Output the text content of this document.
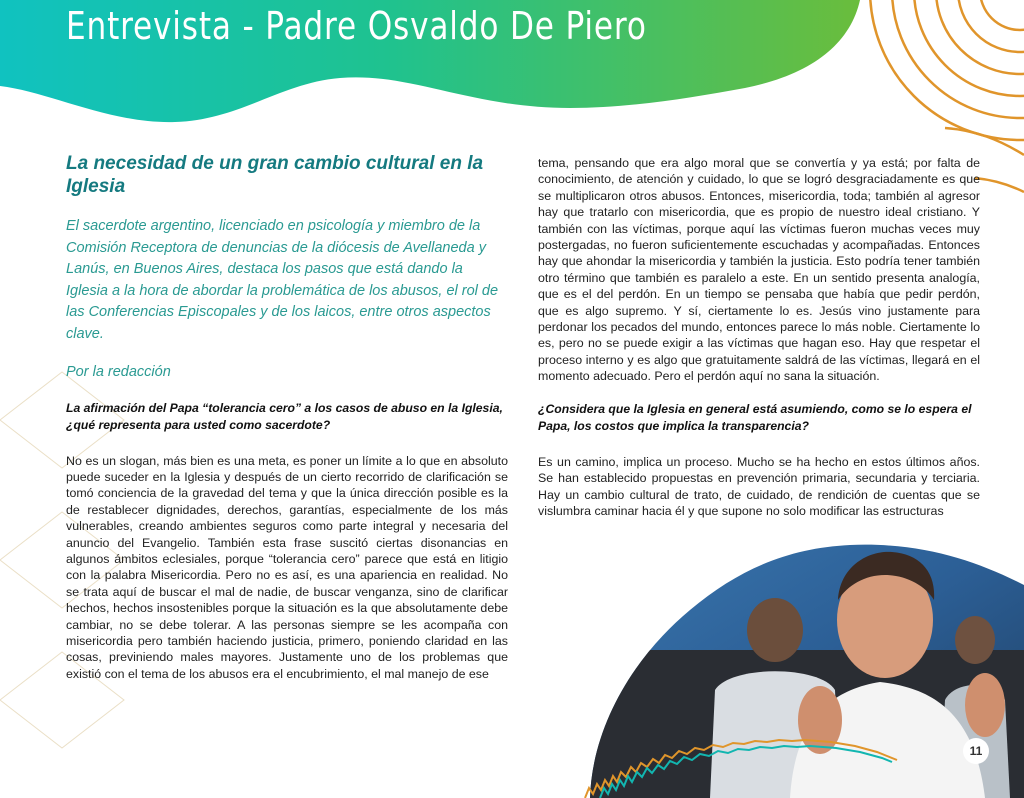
Entrevista - Padre Osvaldo De Piero
La necesidad de un gran cambio cultural en la Iglesia

El sacerdote argentino, licenciado en psicología y miembro de la Comisión Receptora de denuncias de la diócesis de Avellaneda y Lanús, en Buenos Aires, destaca los pasos que está dando la Iglesia a la hora de abordar la problemática de los abusos, el rol de las Conferencias Episcopales y de los laicos, entre otros aspectos clave.

Por la redacción

La afirmación del Papa “tolerancia cero” a los casos de abuso en la Iglesia, ¿qué representa para usted como sacerdote?

No es un slogan, más bien es una meta, es poner un límite a lo que en absoluto puede suceder en la Iglesia y después de un cierto recorrido de clarificación se tomó conciencia de la gravedad del tema y que la única dirección posible es la de restablecer dignidades, derechos, garantías, especialmente de los más vulnerables, creando ambientes seguros como parte integral y necesaria del anuncio del Evangelio. También esta frase suscitó ciertas disonancias en algunos ámbitos eclesiales, porque “tolerancia cero” parece que está en litigio con la palabra Misericordia. Pero no es así, es una apariencia en realidad. No se trata aquí de buscar el mal de nadie, de buscar venganza, sino de clarificar hechos, hechos insostenibles porque la situación es la que absolutamente debe cambiar, no se debe tolerar. A las personas siempre se les acompaña con misericordia pero también haciendo justicia, primero, poniendo claridad en las cosas, previniendo males mayores. Justamente uno de los problemas que existió con el tema de los abusos era el encubrimiento, el mal manejo de ese

tema, pensando que era algo moral que se convertía y ya está; por falta de conocimiento, de atención y cuidado, lo que se logró desgraciadamente es que se multiplicaron otros abusos. Entonces, misericordia, toda; también al agresor hay que tratarlo con misericordia, que es propio de nuestro ideal cristiano. Y también con las víctimas, porque aquí las víctimas fueron muchas veces muy postergadas, no fueron suficientemente escuchadas y acompañadas. Entonces hay que ahondar la misericordia y también la justicia. Esto podría tener también otro término que también es paralelo a este. En un sentido presenta analogía, que es el del perdón. En un tiempo se pensaba que había que pedir perdón, que es algo supremo. Y sí, ciertamente lo es. Jesús vino justamente para perdonar los pecados del mundo, entonces parece lo más noble. Ciertamente lo es, pero no se puede exigir a las víctimas que hagan eso. Hay que respetar el proceso interno y es algo que gratuitamente saldrá de las víctimas, llegará en el momento adecuado. Pero el perdón aquí no sana la situación.

¿Considera que la Iglesia en general está asumiendo, como se lo espera el Papa, los costos que implica la transparencia?

Es un camino, implica un proceso. Mucho se ha hecho en estos últimos años. Se han establecido propuestas en prevención primaria, secundaria y terciaria. Hay un cambio cultural de trato, de cuidado, de rendición de cuentas que se vislumbra caminar hacia él y que supone no solo modificar las estructuras

11
